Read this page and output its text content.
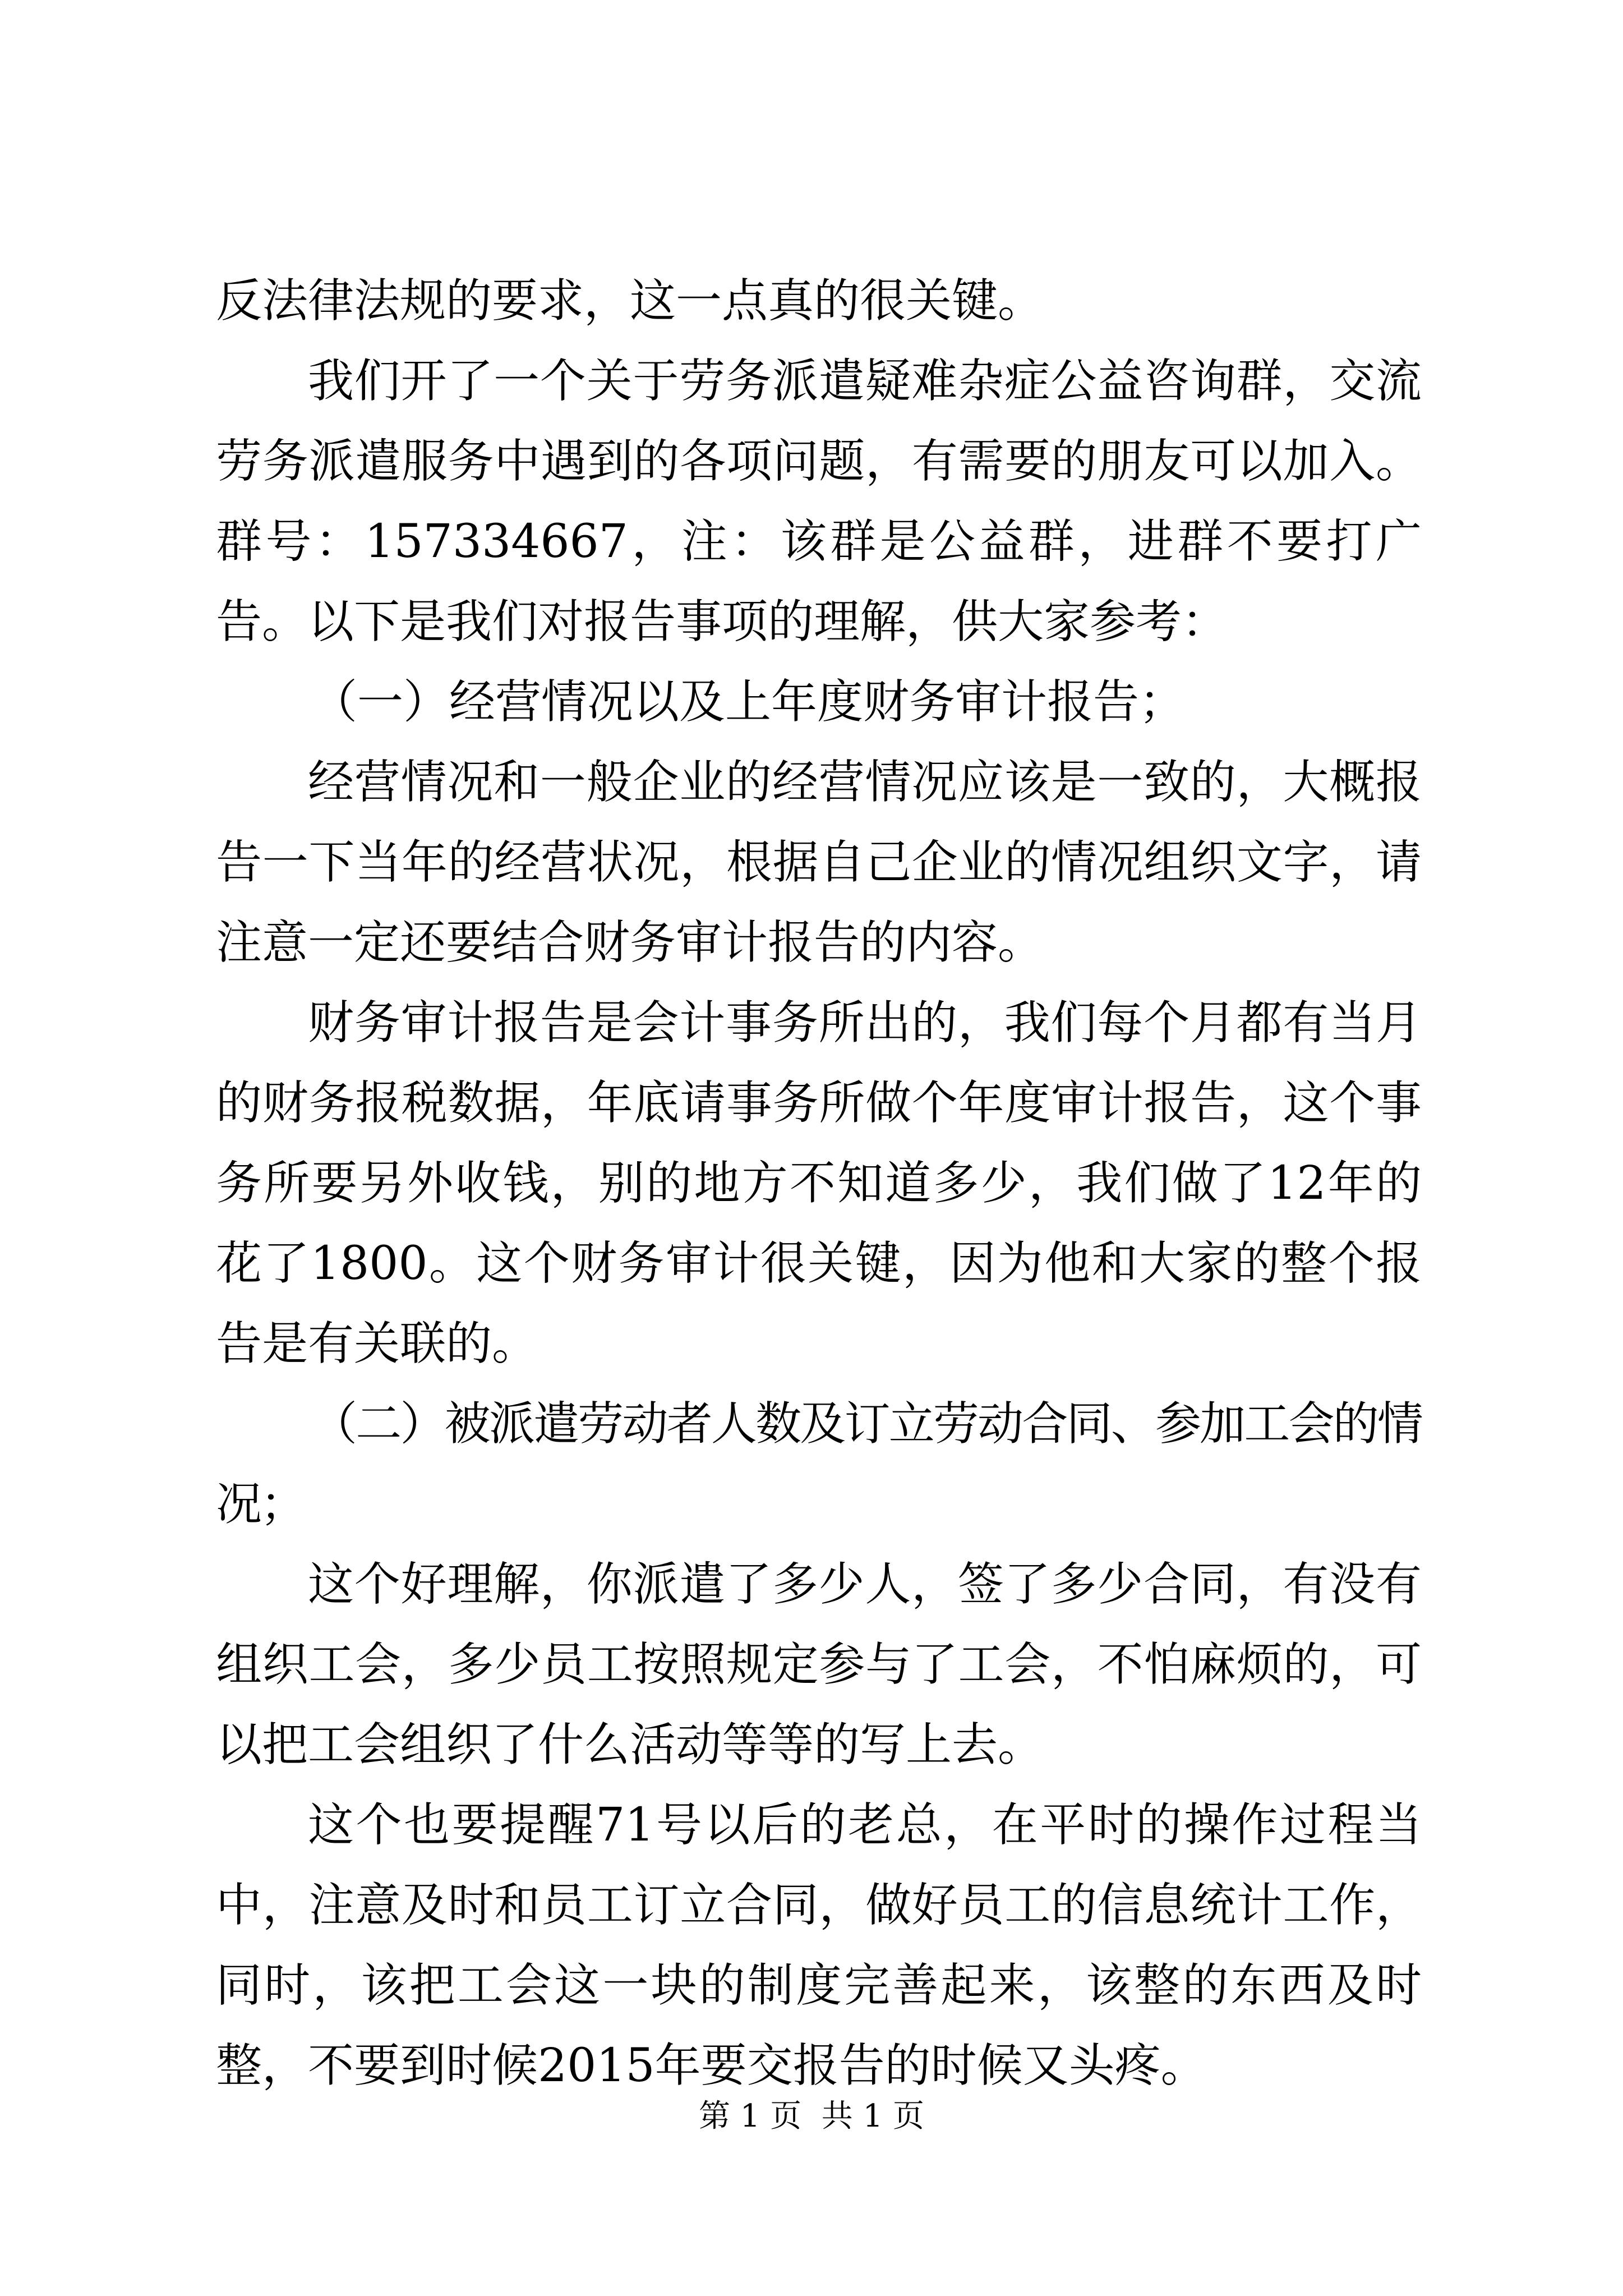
反法律法规的要求，这一点真的很关键。

我们开了一个关于劳务派遣疑难杂症公益咨询群，交流劳务派遣服务中遇到的各项问题，有需要的朋友可以加入。群号：157334667，注：该群是公益群，进群不要打广告。以下是我们对报告事项的理解，供大家参考：

（一）经营情况以及上年度财务审计报告；

经营情况和一般企业的经营情况应该是一致的，大概报告一下当年的经营状况，根据自己企业的情况组织文字，请注意一定还要结合财务审计报告的内容。

财务审计报告是会计事务所出的，我们每个月都有当月的财务报税数据，年底请事务所做个年度审计报告，这个事务所要另外收钱，别的地方不知道多少，我们做了12年的花了1800。这个财务审计很关键，因为他和大家的整个报告是有关联的。

（二）被派遣劳动者人数及订立劳动合同、参加工会的情况；

这个好理解，你派遣了多少人，签了多少合同，有没有组织工会，多少员工按照规定参与了工会，不怕麻烦的，可以把工会组织了什么活动等等的写上去。

这个也要提醒71号以后的老总，在平时的操作过程当中，注意及时和员工订立合同，做好员工的信息统计工作，同时，该把工会这一块的制度完善起来，该整的东西及时整，不要到时候2015年要交报告的时候又头疼。

第 1 页  共 1 页
